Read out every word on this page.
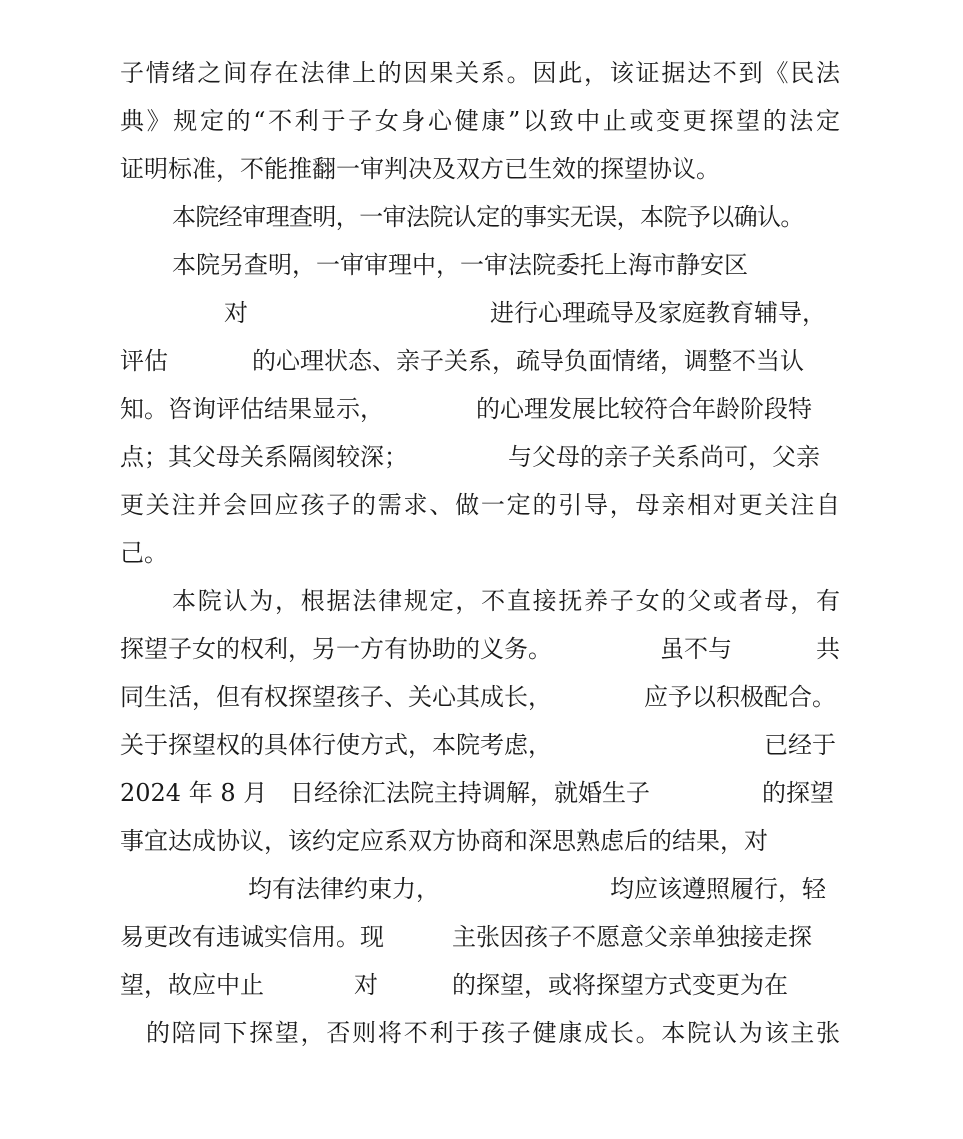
子情绪之间存在法律上的因果关系。因此，该证据达不到《民法
典》规定的“不利于子女身心健康”以致中止或变更探望的法定
证明标准，不能推翻一审判决及双方已生效的探望协议。
本院经审理查明，一审法院认定的事实无误，本院予以确认。
本院另查明，一审审理中，一审法院委托上海市静安区
对	进行心理疏导及家庭教育辅导，
评估	的心理状态、亲子关系，疏导负面情绪，调整不当认
知。咨询评估结果显示，	的心理发展比较符合年龄阶段特
点；其父母关系隔阂较深；	与父母的亲子关系尚可，父亲
更关注并会回应孩子的需求、做一定的引导，母亲相对更关注自
己。
本院认为，根据法律规定，不直接抚养子女的父或者母，有
探望子女的权利，另一方有协助的义务。	虽不与	共
同生活，但有权探望孩子、关心其成长，	应予以积极配合。
关于探望权的具体行使方式，本院考虑，	已经于
2024 年 8 月 日经徐汇法院主持调解，就婚生子	的探望
事宜达成协议，该约定应系双方协商和深思熟虑后的结果，对
均有法律约束力，	均应该遵照履行，轻
易更改有违诚实信用。现	主张因孩子不愿意父亲单独接走探
望，故应中止	对	的探望，或将探望方式变更为在
的陪同下探望，否则将不利于孩子健康成长。本院认为该主张
